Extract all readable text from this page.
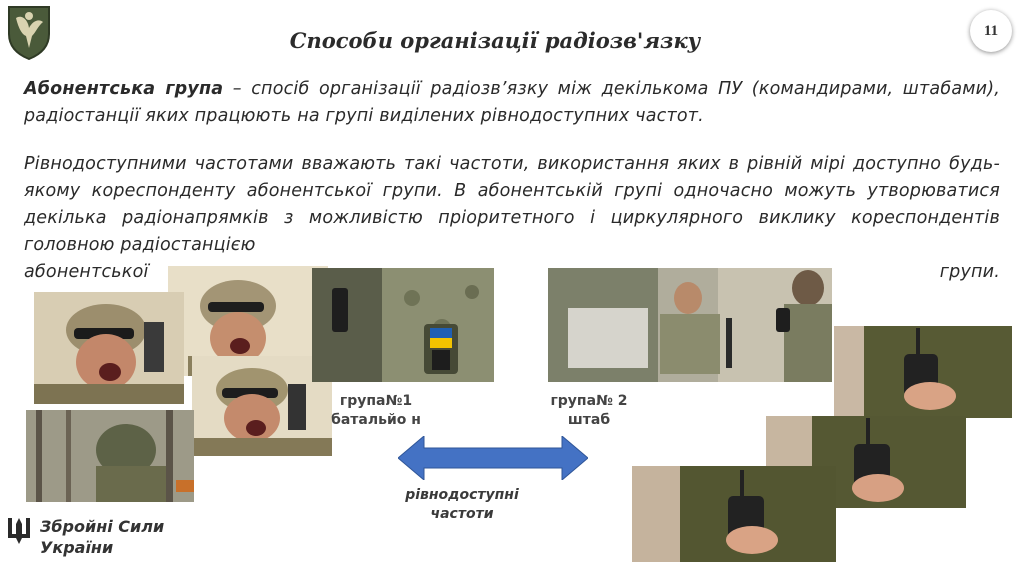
Способи організації радіозв'язку	11
Абонентська група – спосіб організації радіозв’язку між декількома ПУ (командирами, штабами), радіостанції яких працюють на групі виділених рівнодоступних частот.
Рівнодоступними частотами вважають такі частоти, використання яких в рівній мірі доступно будь-якому кореспонденту абонентської групи. В абонентській групі одночасно можуть утворюватися декілька радіонапрямків з можливістю пріоритетного і циркулярного виклику кореспондентів головною радіостанцією
абонентської	групи.
група№1 батальйо н
група№ 2 штаб
рівнодоступні частоти
Збройні Сили
України
